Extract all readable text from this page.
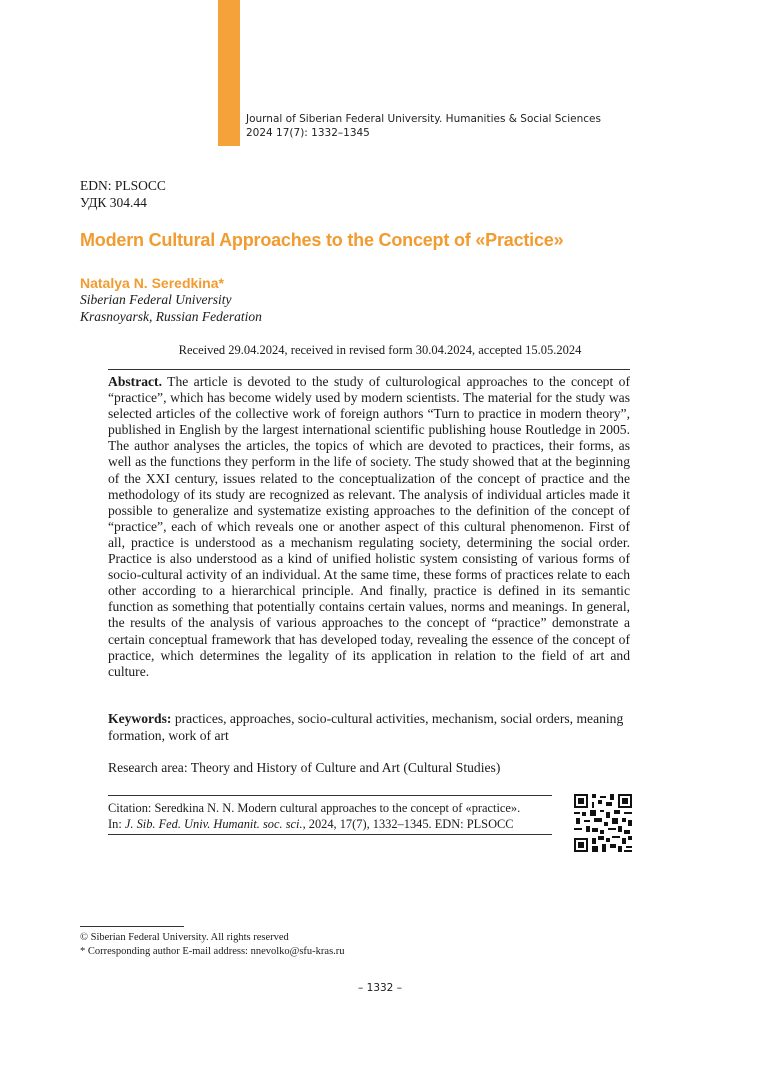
Journal of Siberian Federal University. Humanities & Social Sciences
2024 17(7): 1332–1345
EDN: PLSOCC
УДК 304.44
Modern Cultural Approaches to the Concept of «Practice»
Natalya N. Seredkina*
Siberian Federal University
Krasnoyarsk, Russian Federation
Received 29.04.2024, received in revised form 30.04.2024, accepted 15.05.2024
Abstract. The article is devoted to the study of culturological approaches to the concept of “practice”, which has become widely used by modern scientists. The material for the study was selected articles of the collective work of foreign authors “Turn to practice in modern theory”, published in English by the largest international scientific publishing house Routledge in 2005. The author analyses the articles, the topics of which are devoted to practices, their forms, as well as the functions they perform in the life of society. The study showed that at the beginning of the XXI century, issues related to the conceptualization of the concept of practice and the methodology of its study are recognized as relevant. The analysis of individual articles made it possible to generalize and systematize existing approaches to the definition of the concept of “practice”, each of which reveals one or another aspect of this cultural phenomenon. First of all, practice is understood as a mechanism regulating society, determining the social order. Practice is also understood as a kind of unified holistic system consisting of various forms of socio-cultural activity of an individual. At the same time, these forms of practices relate to each other according to a hierarchical principle. And finally, practice is defined in its semantic function as something that potentially contains certain values, norms and meanings. In general, the results of the analysis of various approaches to the concept of “practice” demonstrate a certain conceptual framework that has developed today, revealing the essence of the concept of practice, which determines the legality of its application in relation to the field of art and culture.
Keywords: practices, approaches, socio-cultural activities, mechanism, social orders, meaning formation, work of art
Research area: Theory and History of Culture and Art (Cultural Studies)
Citation: Seredkina N. N. Modern cultural approaches to the concept of «practice».
In: J. Sib. Fed. Univ. Humanit. soc. sci., 2024, 17(7), 1332–1345. EDN: PLSOCC
© Siberian Federal University. All rights reserved
* Corresponding author E-mail address: nnevolko@sfu-kras.ru
– 1332 –
